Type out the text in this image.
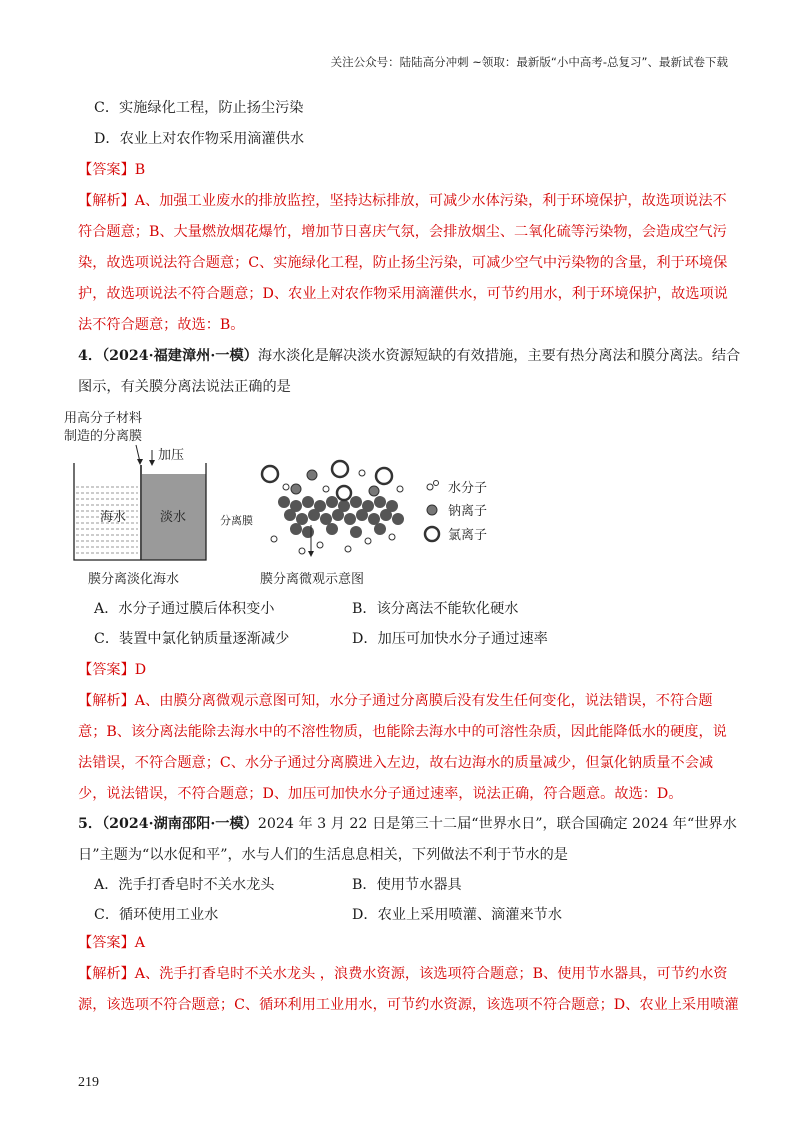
关注公众号：陆陆高分冲刺 ~领取：最新版“小中高考-总复习”、最新试卷下载
C．实施绿化工程，防止扬尘污染
D．农业上对农作物采用滴灌供水
【答案】B
【解析】A、加强工业废水的排放监控，坚持达标排放，可减少水体污染，利于环境保护，故选项说法不
符合题意；B、大量燃放烟花爆竹，增加节日喜庆气氛，会排放烟尘、二氧化硫等污染物，会造成空气污
染，故选项说法符合题意；C、实施绿化工程，防止扬尘污染，可减少空气中污染物的含量，利于环境保
护，故选项说法不符合题意；D、农业上对农作物采用滴灌供水，可节约用水，利于环境保护，故选项说
法不符合题意；故选：B。
4．（2024·福建漳州·一模）海水淡化是解决淡水资源短缺的有效措施，主要有热分离法和膜分离法。结合
图示，有关膜分离法说法正确的是
用高分子材料
制造的分离膜
加压
海水	淡水
膜分离淡化海水
分离膜
膜分离微观示意图
水分子
钠离子
氯离子
A．水分子通过膜后体积变小	B．该分离法不能软化硬水
C．装置中氯化钠质量逐渐减少	D．加压可加快水分子通过速率
【答案】D
【解析】A、由膜分离微观示意图可知，水分子通过分离膜后没有发生任何变化，说法错误，不符合题
意；B、该分离法能除去海水中的不溶性物质，也能除去海水中的可溶性杂质，因此能降低水的硬度，说
法错误，不符合题意；C、水分子通过分离膜进入左边，故右边海水的质量减少，但氯化钠质量不会减
少，说法错误，不符合题意；D、加压可加快水分子通过速率，说法正确，符合题意。故选：D。
5．（2024·湖南邵阳·一模）2024 年 3 月 22 日是第三十二届“世界水日”，联合国确定 2024 年“世界水
日”主题为“以水促和平”，水与人们的生活息息相关，下列做法不利于节水的是
A．洗手打香皂时不关水龙头	B．使用节水器具
C．循环使用工业水	D．农业上采用喷灌、滴灌来节水
【答案】A
【解析】A、洗手打香皂时不关水龙头 ，浪费水资源，该选项符合题意；B、使用节水器具，可节约水资
源，该选项不符合题意；C、循环利用工业用水，可节约水资源，该选项不符合题意；D、农业上采用喷灌
219
